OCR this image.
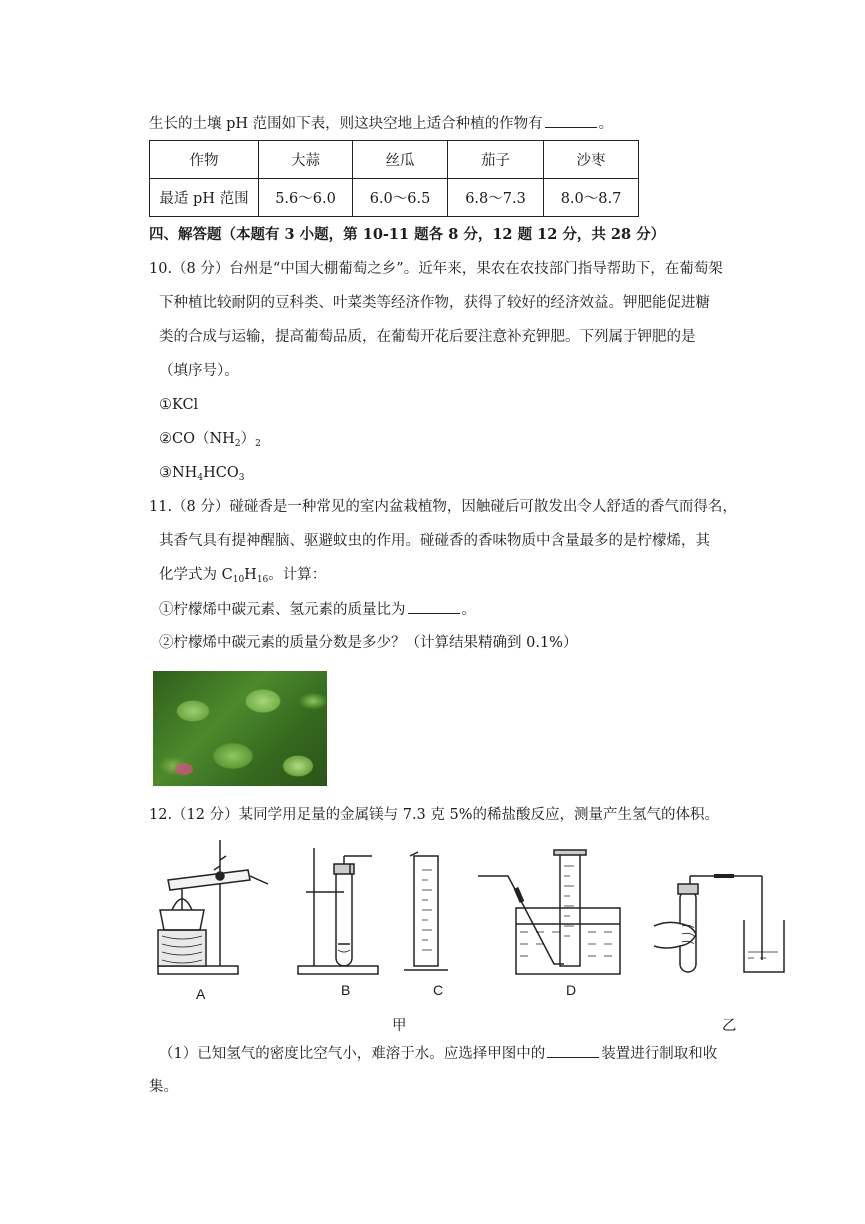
生长的土壤 pH 范围如下表，则这块空地上适合种植的作物有	。
作物	大蒜	丝瓜	茄子	沙枣
最适 pH 范围	5.6～6.0	6.0～6.5	6.8～7.3	8.0～8.7
四、解答题（本题有 3 小题，第 10-11 题各 8 分，12 题 12 分，共 28 分）
10.（8 分）台州是“中国大棚葡萄之乡”。近年来，果农在农技部门指导帮助下，在葡萄架
下种植比较耐阴的豆科类、叶菜类等经济作物，获得了较好的经济效益。钾肥能促进糖
类的合成与运输，提高葡萄品质，在葡萄开花后要注意补充钾肥。下列属于钾肥的是
（填序号）。
①KCl
$②CO(NH_2)_2$
$③NH_4HCO_3$
11.（8 分）碰碰香是一种常见的室内盆栽植物，因触碰后可散发出令人舒适的香气而得名，
其香气具有提神醒脑、驱避蚊虫的作用。碰碰香的香味物质中含量最多的是柠檬烯，其
化学式为 $C_{10}H_{16}$。计算：
①柠檬烯中碳元素、氢元素的质量比为	。
②柠檬烯中碳元素的质量分数是多少？（计算结果精确到 0.1%）
12.（12 分）某同学用足量的金属镁与 7.3 克 5%的稀盐酸反应，测量产生氢气的体积。
A	B	C	D
甲	乙
（1）已知氢气的密度比空气小，难溶于水。应选择甲图中的	装置进行制取和收
集。
